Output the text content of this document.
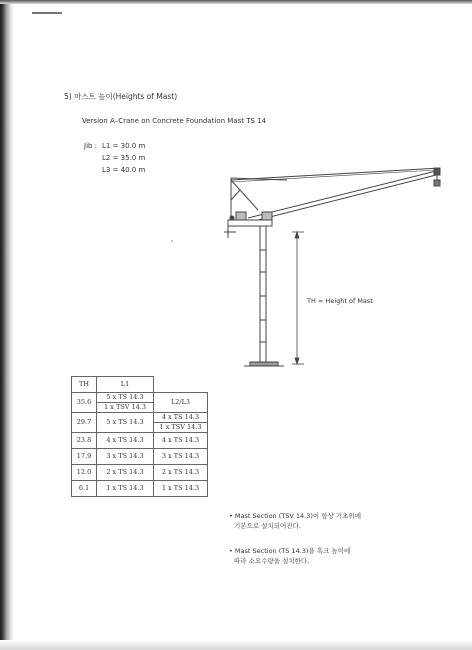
5) 마스트 높이(Heights of Mast)
Version A–Crane on Concrete Foundation Mast TS 14
Jib : L1 = 30.0 m
L2 = 35.0 m
L3 = 40.0 m
TH = Height of Mast
TH	L1	
35.6	5 x TS 14.3	L2/L3
	1 x TSV 14.3	
29.7	5 x TS 14.3	4 x TS 14.3
		1 x TSV 14.3
23.8	4 x TS 14.3	4 x TS 14.3
17.9	3 x TS 14.3	3 x TS 14.3
12.0	2 x TS 14.3	2 x TS 14.3
6.1	1 x TS 14.3	1 x TS 14.3
• Mast Section (TSV 14.3)이 항상 기초위에
기본으로 설치되어진다.
• Mast Section (TS 14.3)을 훅크 높이에
따라 소요수량을 설치한다.
